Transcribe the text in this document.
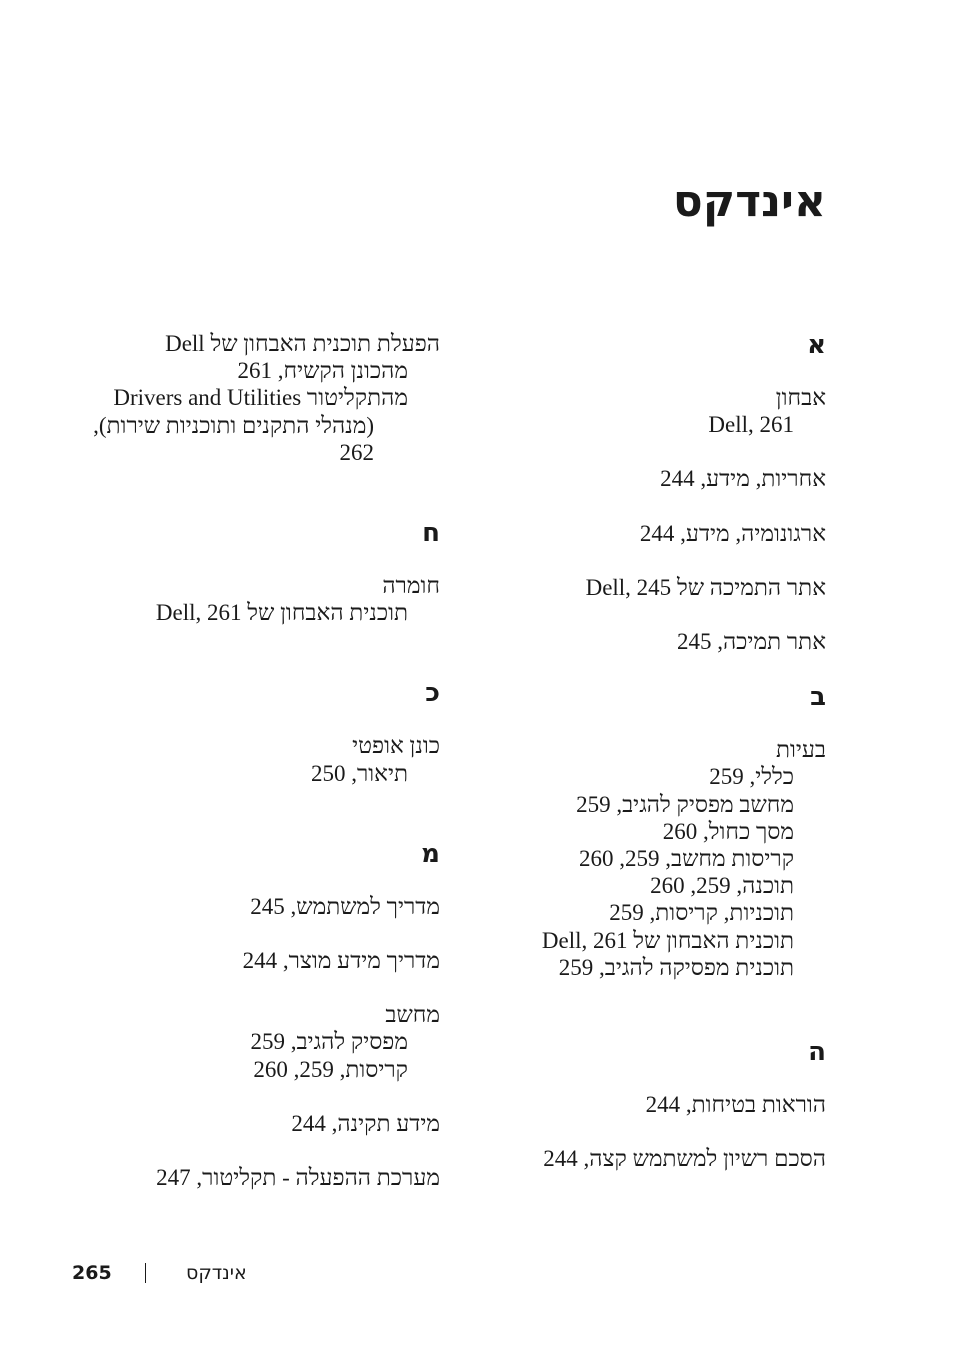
אינדקס
א
אבחון
Dell, 261
אחריות, מידע, 244
ארגונומיה, מידע, 244
אתר התמיכה של Dell, 245
אתר תמיכה, 245
ב
בעיות
כללי, 259
מחשב מפסיק להגיב, 259
מסך כחול, 260
קריסות מחשב, 259, 260
תוכנה, 259, 260
תוכניות, קריסות, 259
תוכנית האבחון של Dell, 261
תוכנית מפסיקה להגיב, 259
ה
הוראות בטיחות, 244
הסכם רשיון למשתמש קצה, 244
הפעלת תוכנית האבחון של Dell
מהכונן הקשיח, 261
מהתקליטור Drivers and Utilities
(מנהלי התקנים ותוכניות שירות), 262
ח
חומרה
תוכנית האבחון של Dell, 261
כ
כונן אופטי
תיאור, 250
מ
מדריך למשתמש, 245
מדריך מידע מוצר, 244
מחשב
מפסיק להגיב, 259
קריסות, 259, 260
מידע תקינה, 244
מערכת ההפעלה - תקליטור, 247
265	אינדקס
